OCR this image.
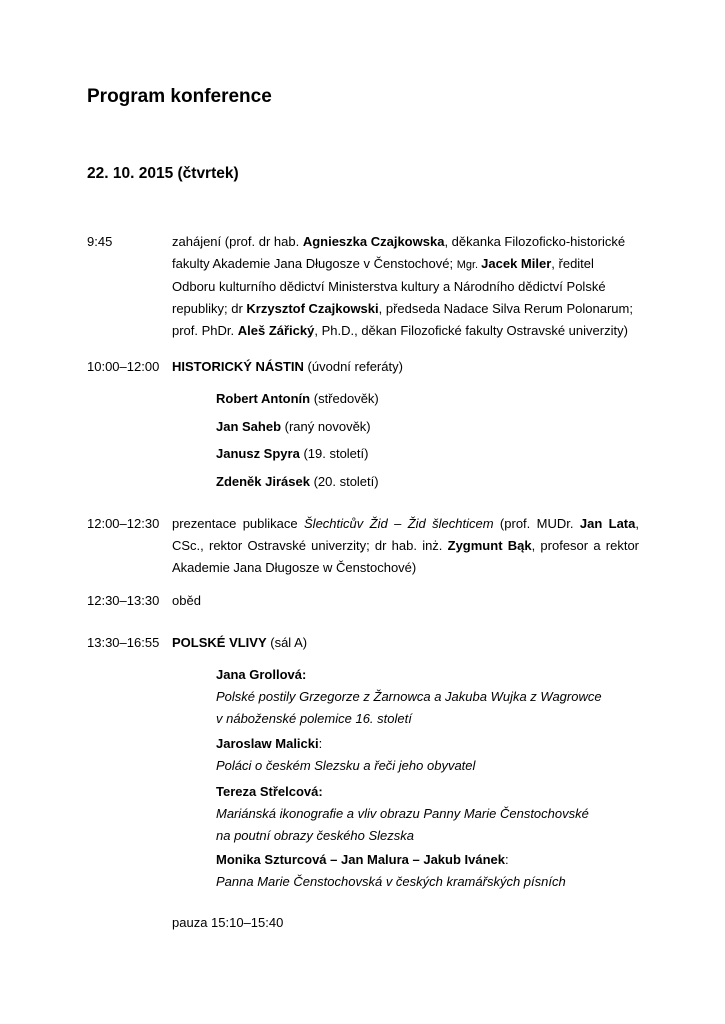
Program konference
22. 10. 2015 (čtvrtek)
9:45	zahájení (prof. dr hab. Agnieszka Czajkowska, děkanka Filozoficko-historické
fakulty Akademie Jana Długosze v Čenstochové; Mgr. Jacek Miler, ředitel
Odboru kulturního dědictví Ministerstva kultury a Národního dědictví Polské
republiky; dr Krzysztof Czajkowski, předseda Nadace Silva Rerum Polonarum;
prof. PhDr. Aleš Zářický, Ph.D., děkan Filozofické fakulty Ostravské univerzity)
10:00–12:00 HISTORICKÝ NÁSTIN (úvodní referáty)
Robert Antonín (středověk)
Jan Saheb (raný novověk)
Janusz Spyra (19. století)
Zdeněk Jirásek (20. století)
12:00–12:30 prezentace publikace Šlechticův Žid – Žid šlechticem (prof. MUDr. Jan Lata,
CSc., rektor Ostravské univerzity; dr hab. inż. Zygmunt Bąk, profesor a rektor
Akademie Jana Długosze w Čenstochové)
12:30–13:30 oběd
13:30–16:55 POLSKÉ VLIVY (sál A)
Jana Grollová:
Polské postily Grzegorze z Žarnowca a Jakuba Wujka z Wagrowce
v náboženské polemice 16. století
Jaroslaw Malicki:
Poláci o českém Slezsku a řeči jeho obyvatel
Tereza Střelcová:
Mariánská ikonografie a vliv obrazu Panny Marie Čenstochovské
na poutní obrazy českého Slezska
Monika Szturcová – Jan Malura – Jakub Ivánek:
Panna Marie Čenstochovská v českých kramářských písních
pauza 15:10–15:40
